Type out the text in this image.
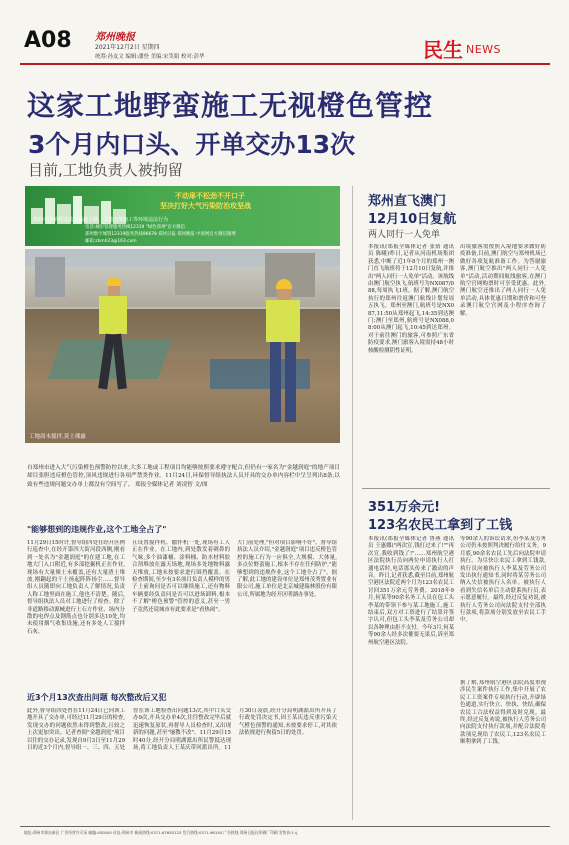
A08 郑州晚报
2021年12月2日 星期四
统筹:孙友文 编辑:潘登 美编:宋笑娟 校对:彭华	民生 NEWS
这家工地野蛮施工无视橙色管控
3个月内口头、开单交办13次
目前,工地负责人被拘留
不动扉不松劲不开口子
坚决打好大气污染防治攻坚战
欢迎市民举报违法车辆道上路、工地违规施工等环境违法行为
电话:城市管理服务热线12319 "绿色郑州"官方微信
郑州数字城管12319服务热线96678 郑州日报 郑州晚报 中原网官方微信微博
邮箱:zbmh23@163.com
工地商末搅拌,黄土裸露
自郑州市进入大气污染橙色预警防控以来,大多工地或工程项目均能够按照要求遵守配合,但仍有一家名为"金越润庭"的地产项目却目张胆违反橙色管控,顶风违规进行各项严禁类作业。11月24日,环保督导组执法人员开具的交办单内容栏中呈呈列出8条,以致有些违规问题交办单上都没有空间写了。 郑报全媒体记者 刘凌智 文/图
"能够想到的违规作业,这个工地全占了"
11月29日15时许,督导组四处在经开区例行巡查中,在经开第四大街河段西侧,刚看到一处名为"金越润庭"的在建工地,在工地大门入口附近,有多部挖掘机正在作业,现场有大量裸土未覆盖,还有大量渣土堆放,刚翻起的干土扬起阵阵扬尘……督导组人员随即向工地负责人了解情况,负责人称工地里面在施工,他也不清楚。随后,督导组执法人员对工地进行了检查。除了非道路移动源械进行土石方作业、场内分散的电焊点及钢筋点也分别多达10处,均未使用烟气收集设施,还有多处人工搅拌石灰。
且设置搅拌机、撒拌机一处,现场有工人正在作业。在工地内,到处散发着刺鼻的气味,多个油漆桶、涂料桶、防水材料胶合剂堆放在露天场地,现场多处地物料露天堆放,工地未按要求进行围挡覆盖。在检查期间,至少有3名项目负责人模样的男子上前询问是否可以继续施工,还有物料车辆要经负责问是否可以进场卸料,根本不了解"橙色预警"管控的意义,甚至一男子竟然还说城市有此要求是"看热闹"。
大门前处理,"但对项目影响不好"。督导组执法人员介绍,"金越润庭"项目违反橙色管控的施工行为一应俱全,大规模、大体量,多点位野蛮施工,根本不存在任何防护,"能够想到的违规作业,这个工地全占了"。据了解,此工地的建设单位是郑州茂秀置业有限公司,施工单位是北京城建瑞林股份有限公司,所属地为经开区明湖办事处。
近3个月13次查出问题 每次整改后又犯
此外,督导组四处曾在11月24日已向该工地开具了交办单,可经过11月29日的检查,发现交办的问题依然未得到整改,且较之上次更加突出。记者查阅"金越润庭"项目以往的交办记录,发现自9月3日至11月29日的近3个月内,督导组一、三、四、五处曾在该工地检查出问题13次,其中口头交办9次,开具交办单4次,往往整改完毕后就迅速恢复原状,再督导人员检查时,又出现新的问题,甚至"屡教不改"。11月29日15时40分,经开分局明湖派出所民警抵达现场,将工地负责人王某庆带回派出所。11月30日凌晨,经开分局明湖派出所开具了行政处罚决定书,因王某庆违反重污染天气橙色预警的通知,未按要求停工,对其依法依规进行拘留5日的处罚。
郑州直飞澳门
12月10日复航
两人同行一人免单
本报讯(郑报全媒体记者 张倩 通讯员 陈曦)昨日,记者从河南机场集团获悉,中断了近1年8个月的郑州一澳门直飞航班将于12月10日复航,并推出"两人同行一人免单"活动。该航线由澳门航空执飞,航班号为NX087/088,每周执飞1班。据了解,澳门航空执行的郑州往返澳门航线计划每周五执飞。郑州至澳门,航班号是NX087,11:50从郑州起飞,14:35到达澳门;澳门至郑州,航班号是NX088,08:00从澳门起飞,10:45到达郑州。对于前往澳门的旅客,可参照广东省防疫要求,澳门旅客入境需持48小时核酸检测阴性证明。
出境旅客需按照入境地要求做好防疫准备,目前,澳门航空与郑州机场已做好各项复航准备工作。为答谢旅客,澳门航空推出"两人同行一人免单"活动,活动期间航线旅客,在澳门航空官网购票时可享受优惠。此外,澳门航空还推出了两人同行一人免单活动,具体优惠日期和票价和可登录澳门航空官网及小程序查询了解。
351万余元!
123名农民工拿到了工钱
本报讯(郑报全媒体记者 鲁燕 通讯员 王惠娜)"两次宣,钱打过来了!""再次宣,我收到钱了!"……郑州航空港区法院执行员向两位申请执行人打通电话时,电话那头传来了激动的声音。昨日,记者获悉,截至目前,郑州航空港区法院近两个月为123名农民工讨回351万余元劳务费。2018年9月,何某等90余名务工人员在包工头李某的带领下参与某工地施工,施工结束后,双方对工资进行了结算并签字认可,但包工头李某及劳务公司却以各种理由拒不支付。今年3月,何某等90余人经多次催要无果后,诉至郑州航空港区法院。
等90余人的诉讼请求,但李某及劳务公司仍未按照判决履行给付义务。9月底,90余名农民工先后向法院申请执行。为尽快让农民工拿到工钱款,执行员向被执行人李某及劳务公司发出执行通知书,同时将某劳务公司纳入失信被执行人名单。被执行人看到失信名单后主动联系执行员,表示愿意履行。最终,经过反复劝说,被执行人劳务公司向法院支付全部执行款项,将款项分别发放至农民工手中。
据了解,郑州航空港区法院高度重视涉民生案件执行工作,集中开展了农民工工资案件专项执行行动,开辟绿色通道,实行快立、快执、快结,确保农民工合法权益得到及时兑现。最终,经过反复劝说,被执行人劳务公司向法院支付执行款项,并配合法院将款项兑现给了农民工,123名农民工顺利拿到了工钱。
地址:郑州市郑东新区 广告经营许可证 邮编:450000 社址:郑州市 新闻热线:0371-67655123 发行热线:0371-96150 广告热线 郑州日报社印刷厂印刷 零售价:1元
